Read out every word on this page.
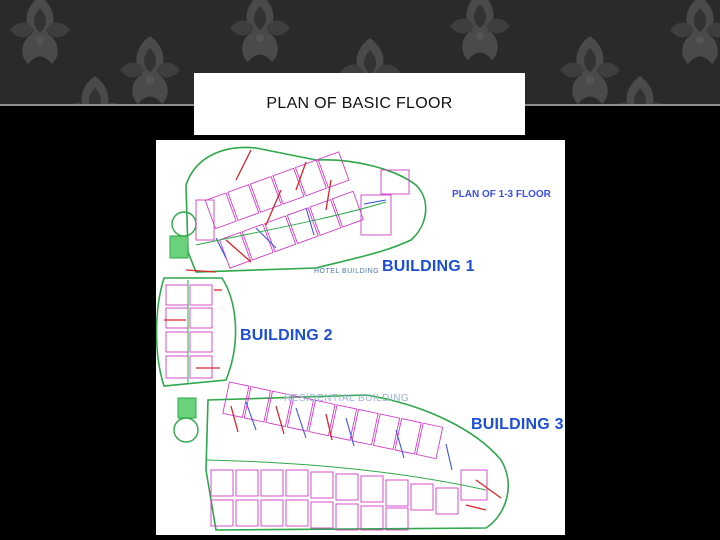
PLAN OF BASIC FLOOR
PLAN OF 1-3 FLOOR
HOTEL BUILDING BUILDING 1
BUILDING 2
RESIDENTIAL BUILDING
BUILDING 3
